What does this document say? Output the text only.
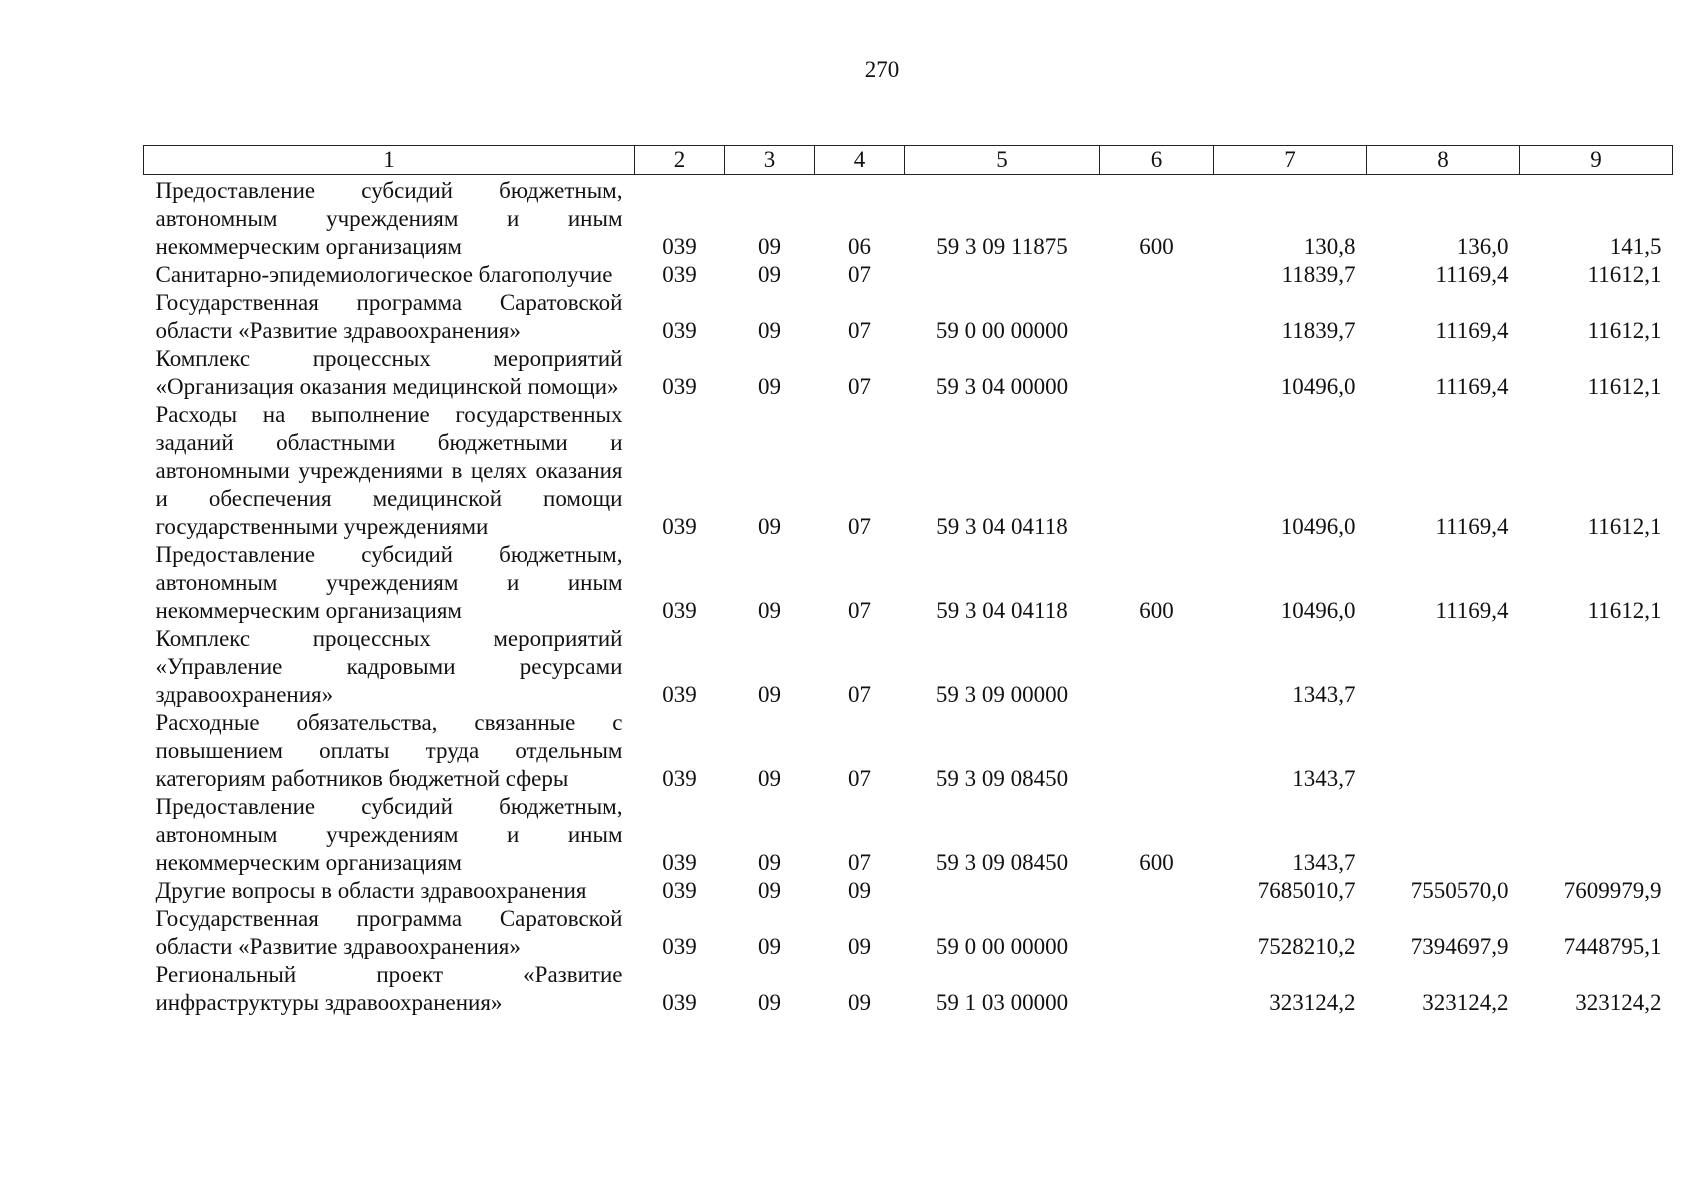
270
1	2	3	4	5	6	7	8	9
Предоставление субсидий бюджетным, автономным учреждениям и иным некоммерческим организациям	039	09	06	59 3 09 11875	600	130,8	136,0	141,5
Санитарно-эпидемиологическое благополучие	039	09	07			11839,7	11169,4	11612,1
Государственная программа Саратовской области «Развитие здравоохранения»	039	09	07	59 0 00 00000		11839,7	11169,4	11612,1
Комплекс процессных мероприятий «Организация оказания медицинской помощи»	039	09	07	59 3 04 00000		10496,0	11169,4	11612,1
Расходы на выполнение государственных заданий областными бюджетными и автономными учреждениями в целях оказания и обеспечения медицинской помощи государственными учреждениями	039	09	07	59 3 04 04118		10496,0	11169,4	11612,1
Предоставление субсидий бюджетным, автономным учреждениям и иным некоммерческим организациям	039	09	07	59 3 04 04118	600	10496,0	11169,4	11612,1
Комплекс процессных мероприятий «Управление кадровыми ресурсами здравоохранения»	039	09	07	59 3 09 00000		1343,7		
Расходные обязательства, связанные с повышением оплаты труда отдельным категориям работников бюджетной сферы	039	09	07	59 3 09 08450		1343,7		
Предоставление субсидий бюджетным, автономным учреждениям и иным некоммерческим организациям	039	09	07	59 3 09 08450	600	1343,7		
Другие вопросы в области здравоохранения	039	09	09			7685010,7	7550570,0	7609979,9
Государственная программа Саратовской области «Развитие здравоохранения»	039	09	09	59 0 00 00000		7528210,2	7394697,9	7448795,1
Региональный проект «Развитие инфраструктуры здравоохранения»	039	09	09	59 1 03 00000		323124,2	323124,2	323124,2
